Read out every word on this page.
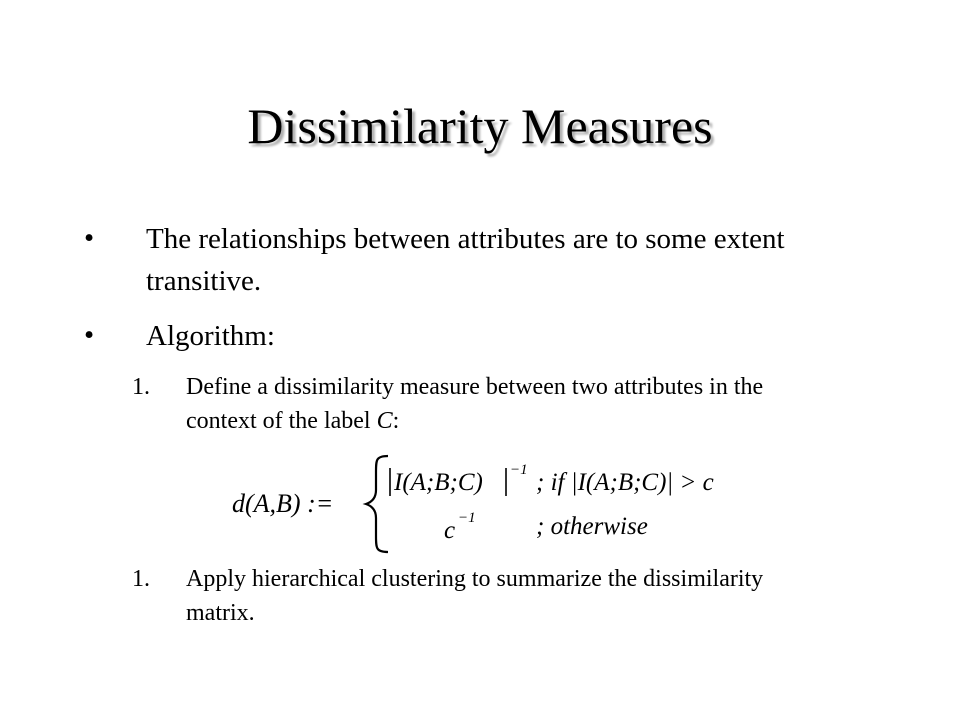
Dissimilarity Measures
• The relationships between attributes are to some extent transitive.
• Algorithm:
1. Define a dissimilarity measure between two attributes in the context of the label C:
d(A,B) :=
I(A;B;C) −1 ; if |I(A;B;C)| > c
c −1 ; otherwise
1. Apply hierarchical clustering to summarize the dissimilarity matrix.
